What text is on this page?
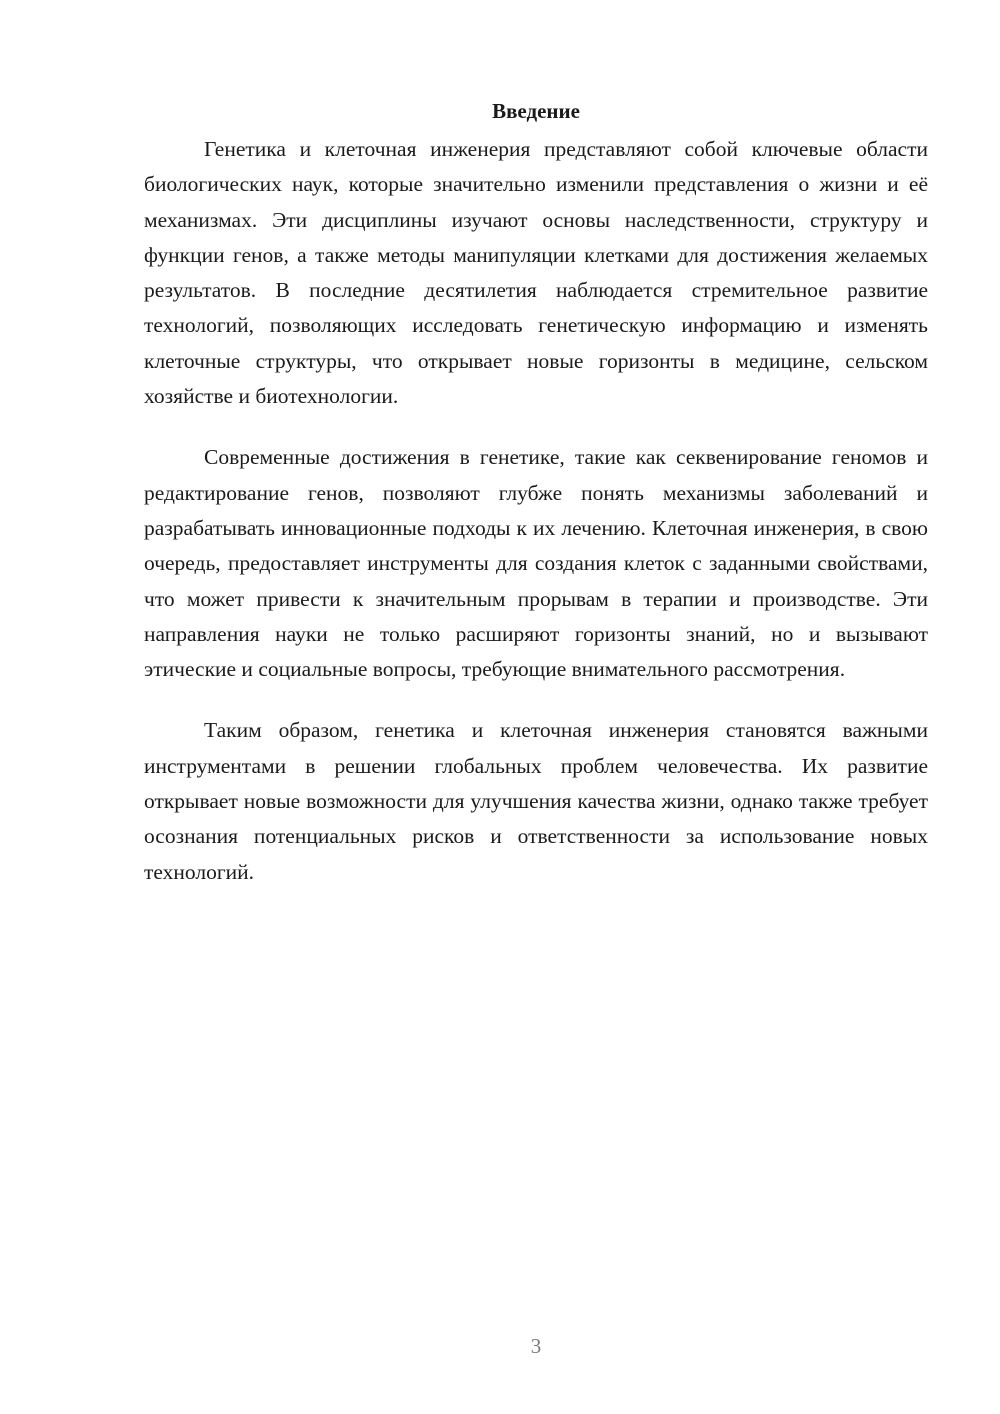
Введение

Генетика и клеточная инженерия представляют собой ключевые области биологических наук, которые значительно изменили представления о жизни и её механизмах. Эти дисциплины изучают основы наследственности, структуру и функции генов, а также методы манипуляции клетками для достижения желаемых результатов. В последние десятилетия наблюдается стремительное развитие технологий, позволяющих исследовать генетическую информацию и изменять клеточные структуры, что открывает новые горизонты в медицине, сельском хозяйстве и биотехнологии.

Современные достижения в генетике, такие как секвенирование геномов и редактирование генов, позволяют глубже понять механизмы заболеваний и разрабатывать инновационные подходы к их лечению. Клеточная инженерия, в свою очередь, предоставляет инструменты для создания клеток с заданными свойствами, что может привести к значительным прорывам в терапии и производстве. Эти направления науки не только расширяют горизонты знаний, но и вызывают этические и социальные вопросы, требующие внимательного рассмотрения.

Таким образом, генетика и клеточная инженерия становятся важными инструментами в решении глобальных проблем человечества. Их развитие открывает новые возможности для улучшения качества жизни, однако также требует осознания потенциальных рисков и ответственности за использование новых технологий.

3
